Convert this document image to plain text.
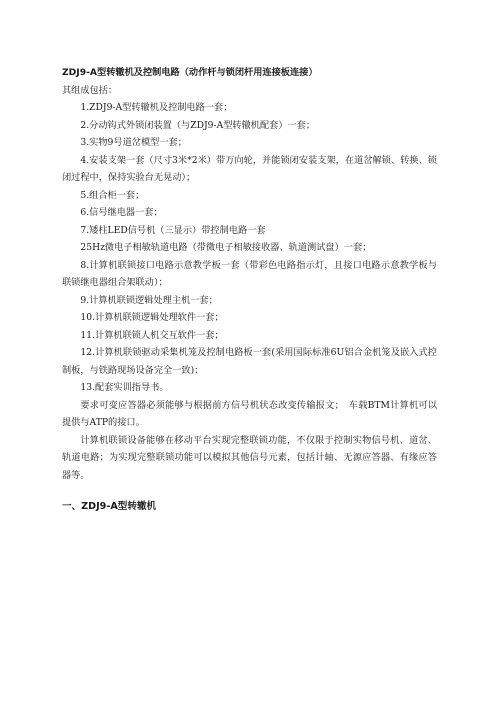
ZDJ9-A型转辙机及控制电路（动作杆与锁闭杆用连接板连接）

其组成包括：

1.ZDJ9-A型转辙机及控制电路一套；

2.分动钩式外锁闭装置（与ZDJ9-A型转辙机配套）一套；

3.实物9号道岔模型一套；

4.安装支架一套（尺寸3米*2米）带万向轮，并能锁闭安装支架，在道岔解锁、转换、锁闭过程中，保持实验台无晃动）；

5.组合柜一套；

6.信号继电器一套；

7.矮柱LED信号机（三显示）带控制电路一套

25Hz微电子相敏轨道电路（带微电子相敏接收器、轨道测试盘）一套；

8.计算机联锁接口电路示意教学板一套（带彩色电路指示灯，且接口电路示意教学板与联锁继电器组合架联动）；

9.计算机联锁逻辑处理主机一套；

10.计算机联锁逻辑处理软件一套；

11.计算机联锁人机交互软件一套；

12.计算机联锁驱动采集机笼及控制电路板一套(采用国际标准6U铝合金机笼及嵌入式控制板，与铁路现场设备完全一致)；

13.配套实训指导书。

要求可变应答器必须能够与根据前方信号机状态改变传输报文；　车载BTM计算机可以提供与ATP的接口。

计算机联锁设备能够在移动平台实现完整联锁功能，不仅限于控制实物信号机、道岔、轨道电路；为实现完整联锁功能可以模拟其他信号元素，包括计轴、无源应答器、有缘应答器等。

一、ZDJ9-A型转辙机
